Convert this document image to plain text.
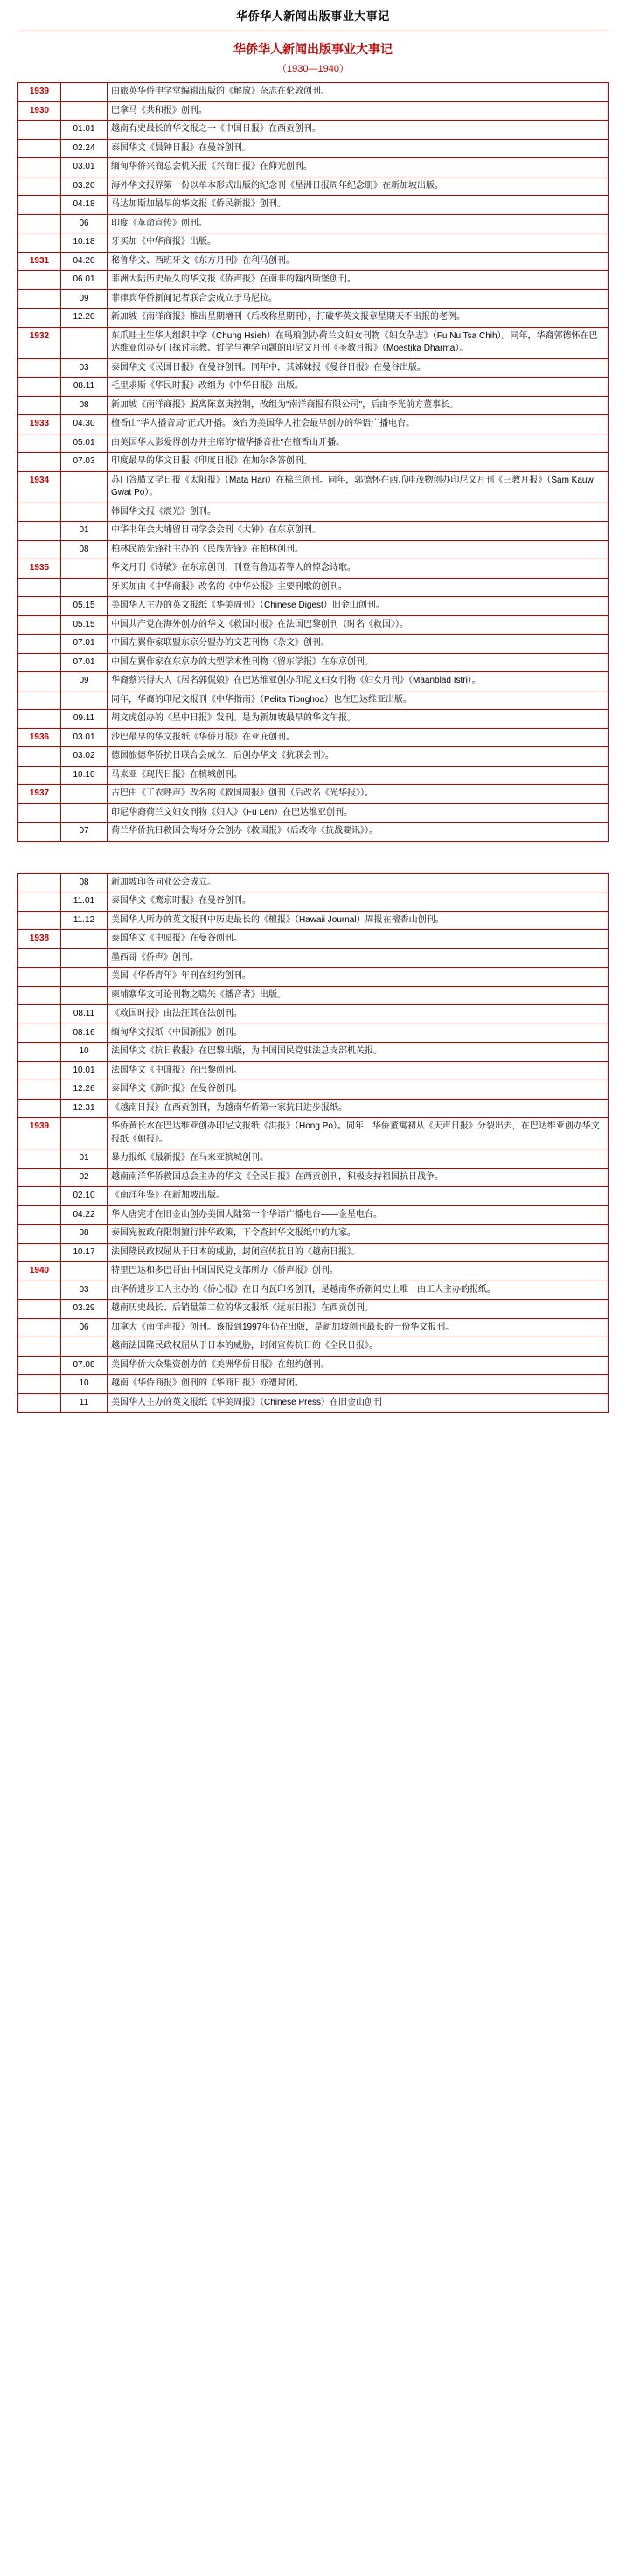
华侨华人新闻出版事业大事记
华侨华人新闻出版事业大事记
（1930—1940）
1939		由旅英华侨申学堂编辑出版的《解放》杂志在伦敦创刊。
1930		巴拿马《共和报》创刊。
	01.01	越南有史最长的华文报之一《中国日报》在西贡创刊。
	02.24	泰国华文《晨钟日报》在曼谷创刊。
	03.01	缅甸华侨兴商总会机关报《兴商日报》在仰光创刊。
	03.20	海外华文报界第一份以单本形式出版的纪念刊《星洲日报周年纪念册》在新加坡出版。
	04.18	马达加斯加最早的华文报《侨民新报》创刊。
	06	印度《革命宣传》创刊。
	10.18	牙买加《中华商报》出版。
1931	04.20	秘鲁华文、西班牙文《东方月刊》在利马创刊。
	06.01	菲洲大陆历史最久的华文报《侨声报》在南非的翰内斯堡创刊。
	09	菲律宾华侨新闻记者联合会成立于马尼拉。
	12.20	新加坡《南洋商报》推出星期增刊（后改称星期刊），打破华英文报章星期天不出报的老例。
1932		东爪哇土生华人组织中学（Chung Hsieh）在玛琅创办荷兰文妇女刊物《妇女杂志》（Fu Nu Tsa Chih）。同年，华裔郭德怀在巴达维亚创办专门探讨宗教、哲学与神学问题的印尼文月刊《圣教月报》（Moestika Dharma）。
	03	泰国华文《民国日报》在曼谷创刊。同年中，其姊妹报《曼谷日报》在曼谷出版。
	08.11	毛里求斯《华民时报》改组为《中华日报》出版。
	08	新加坡《南洋商报》脱离陈嘉庚控制，改组为"南洋商报有限公司"，后由李光前方董事长。
1933	04.30	檀香山"华人播音局"正式开播。该台为美国华人社会最早创办的华语广播电台。
	05.01	由美国华人影爱得创办并主席的"檀华播音社"在檀香山开播。
	07.03	印度最早的华文日报《印度日报》在加尔各答创刊。
1934		苏门答腊文学日报《太阳报》（Mata Hari）在棉兰创刊。同年，郭德怀在西爪哇茂物创办印尼文月刊《三教月报》（Sam Kauw Gwat Po）。
		韩国华文报《震光》创刊。
	01	中华书年会大埔留日同学会会刊《大钟》在东京创刊。
	08	柏林民族先锋社主办的《民族先锋》在柏林创刊。
1935		华文月刊《诗敏》在东京创刊，刊登有鲁迅若等人的悼念诗歌。
		牙买加由《中华商报》改名的《中华公报》主要刊歌的创刊。
	05.15	美国华人主办的英文报纸《华美周刊》（Chinese Digest）旧金山创刊。
	05.15	中国共产党在海外创办的华文《救国时报》在法国巴黎创刊（时名《救国》）。
	07.01	中国左翼作家联盟东京分盟办的文艺刊物《杂文》创刊。
	07.01	中国左翼作家在东京办的大型学术性刊物《留东学报》在东京创刊。
	09	华裔蔡兴得夫人《居名郭侃娘》在巴达维亚创办印尼文妇女刊物《妇女月刊》（Maanblad Istri）。
		同年，华裔的印尼文报刊《中华指南》（Pelita Tionghoa）也在巴达维亚出版。
	09.11	胡文虎创办的《星中日报》发刊。是为新加坡最早的华文午报。
1936	03.01	沙巴最早的华文报纸《华侨月报》在亚庇创刊。
	03.02	德国旅德华侨抗日联合会成立，后创办华文《抗联会刊》。
	10.10	马来亚《现代日报》在槟城创刊。
1937		古巴由《工农呼声》改名的《救国周报》创刊（后改名《光华报》）。
		印尼华裔荷兰文妇女刊物《妇人》（Fu Len）在巴达维亚创刊。
	07	荷兰华侨抗日救国会海牙分会创办《救国报》（后改称《抗战要讯》）。
	08	新加坡印务同业公会成立。
	11.01	泰国华文《鹰京时报》在曼谷创刊。
	11.12	美国华人所办的英文报刊中历史最长的《檀报》（Hawaii Journal）周报在檀香山创刊。
1938		泰国华文《中原报》在曼谷创刊。
		墨西哥《侨声》创刊。
		美国《华侨青年》年刊在纽约创刊。
		柬埔寨华文可论刊物之嚆矢《播音者》出版。
	08.11	《救国时报》由法汪其在法创刊。
	08.16	缅甸华文报纸《中国新报》创刊。
	10	法国华文《抗日救报》在巴黎出版，为中国国民党驻法总支部机关报。
	10.01	法国华文《中国报》在巴黎创刊。
	12.26	泰国华文《新时报》在曼谷创刊。
	12.31	《越南日报》在西贡创刊，为越南华侨第一家抗日进步报纸。
1939		华侨黄长水在巴达维亚创办印尼文报纸《洪报》（Hong Po）。同年，华侨董寓初从《天声日报》分裂出去，在巴达维亚创办华文报纸《朝报》。
	01	暴力报纸《最新报》在马来亚槟城创刊。
	02	越南南洋华侨救国总会主办的华文《全民日报》在西贡创刊，积极支持祖国抗日战争。
	02.10	《南洋年鉴》在新加坡出版。
	04.22	华人唐宪才在旧金山创办美国大陆第一个华语广播电台——金星电台。
	08	泰国宪被政府限制擅行排华政策，下令查封华文报纸中的九家。
	10.17	法国隆民政权屈从于日本的威胁，封闭宣传抗日的《越南日报》。
1940		特里巴达和多巴哥由中国国民党支部所办《侨声报》创刊。
	03	由华侨进步工人主办的《侨心报》在日内瓦印务创刊，是越南华侨新闻史上唯一由工人主办的报纸。
	03.29	越南历史最长、后销量第二位的华文报纸《远东日报》在西贡创刊。
	06	加拿大《南洋声报》创刊。该报到1997年仍在出版，是新加坡创刊最长的一份华文报刊。
		越南法国隆民政权屈从于日本的威胁，封闭宣传抗日的《全民日报》。
	07.08	美国华侨大众集资创办的《美洲华侨日报》在纽约创刊。
	10	越南《华侨商报》创刊的《华商日报》亦遭封闭。
	11	美国华人主办的英文报纸《华美周报》（Chinese Press）在旧金山创刊
